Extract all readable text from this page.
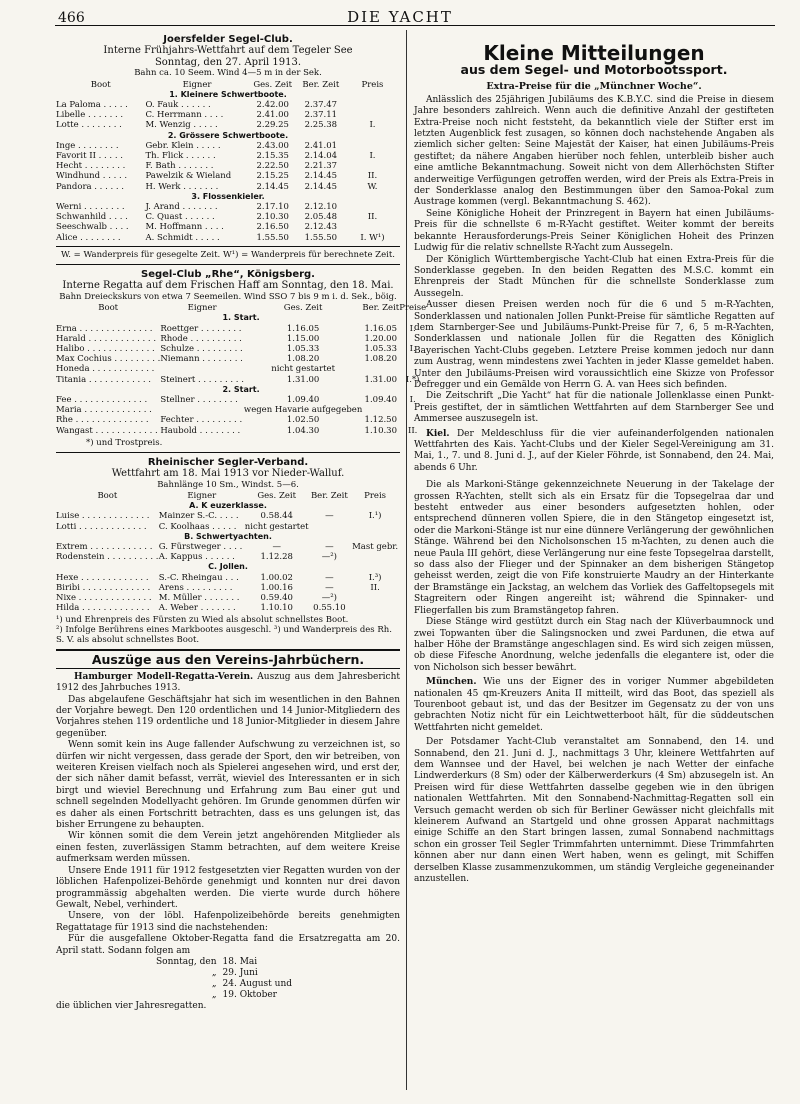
466	DIE YACHT
Joersfelder Segel-Club.
Interne Frühjahrs-Wettfahrt auf dem Tegeler See
Sonntag, den 27. April 1913.
Bahn ca. 10 Seem. Wind 4—5 m in der Sek.
Boot	Eigner	Ges. Zeit	Ber. Zeit	Preis
1. Kleinere Schwertboote.				
La Paloma . . . . .	O. Fauk . . . . . .	2.42.00	2.37.47	
Libelle . . . . . . .	C. Herrmann . . . .	2.41.00	2.37.11	
Lotte . . . . . . . .	M. Wenzig . . . . .	2.29.25	2.25.38	I.
2. Grössere Schwertboote.				
Inge . . . . . . . .	Gebr. Klein . . . . .	2.43.00	2.41.01	
Favorit II . . . . .	Th. Flick . . . . . .	2.15.35	2.14.04	I.
Hecht . . . . . . . .	F. Bath . . . . . . .	2.22.50	2.21.37	
Windhund . . . . .	Pawelzik & Wieland	2.15.25	2.14.45	II.
Pandora . . . . . .	H. Werk . . . . . . .	2.14.45	2.14.45	W.
3. Flossenkieler.				
Werni . . . . . . . .	J. Arand . . . . . . .	2.17.10	2.12.10	
Schwanhild . . . .	C. Quast . . . . . .	2.10.30	2.05.48	II.
Seeschwalb . . . .	M. Hoffmann . . . .	2.16.50	2.12.43	
Alice . . . . . . . .	A. Schmidt . . . . .	1.55.50	1.55.50	I. W¹)
W. = Wanderpreis für gesegelte Zeit. W¹) = Wanderpreis für berechnete Zeit.
Segel-Club „Rhe“, Königsberg.
Interne Regatta auf dem Frischen Haff am Sonntag, den 18. Mai.
Bahn Dreieckskurs von etwa 7 Seemeilen. Wind SSO 7 bis 9 m i. d. Sek., böig.
Boot	Eigner	Ges. Zeit	Ber. Zeit	Preise
1. Start.				
Erna . . . . . . . . . . . . . .	Roettger . . . . . . . .	1.16.05	1.16.05	I.
Harald . . . . . . . . . . . . .	Rhode . . . . . . . . . .	1.15.00	1.20.00	
Halibo . . . . . . . . . . . . .	Schulze . . . . . . . . .	1.05.33	1.05.33	I.
Max Cochius . . . . . . . . .	Niemann . . . . . . . .	1.08.20	1.08.20	
Honeda . . . . . . . . . . . .		nicht gestartet		
Titania . . . . . . . . . . . .	Steinert . . . . . . . . .	1.31.00	1.31.00	I.*)
2. Start.				
Fee . . . . . . . . . . . . . .	Stellner . . . . . . . .	1.09.40	1.09.40	I.
Maria . . . . . . . . . . . . .		wegen Havarie aufgegeben		
Rhe . . . . . . . . . . . . . .	Fechter . . . . . . . . .	1.02.50	1.12.50	
Wangast . . . . . . . . . . . .	Haubold . . . . . . . .	1.04.30	1.10.30	II.
*) und Trostpreis.
Rheinischer Segler-Verband.
Wettfahrt am 18. Mai 1913 vor Nieder-Walluf.
Bahnlänge 10 Sm., Windst. 5—6.
Boot	Eigner	Ges. Zeit	Ber. Zeit	Preis
A. K euzerklasse.				
Luise . . . . . . . . . . . . .	Mainzer S.-C. . . . .	0.58.44	—	I.¹)
Lotti . . . . . . . . . . . . .	C. Koolhaas . . . . .	nicht gestartet		
B. Schwertyachten.				
Extrem . . . . . . . . . . . .	G. Fürstweger . . . .	—	—	Mast gebr.
Rodenstein . . . . . . . . . .	A. Kappus . . . . . .	1.12.28	—²)	
C. Jollen.				
Hexe . . . . . . . . . . . . .	S.-C. Rheingau . . .	1.00.02	—	I.³)
Biribi . . . . . . . . . . . . .	Arens . . . . . . . . .	1.00.16	—	II.
Nixe . . . . . . . . . . . . . .	M. Müller . . . . . . .	0.59.40	—²)	
Hilda . . . . . . . . . . . . .	A. Weber . . . . . . .	1.10.10	0.55.10	
¹) und Ehrenpreis des Fürsten zu Wied als absolut schnellstes Boot.
²) Infolge Berührens eines Markbootes ausgeschl. ³) und Wanderpreis des Rh. S. V. als absolut schnellstes Boot.
Auszüge aus den Vereins-Jahrbüchern.

Hamburger Modell-Regatta-Verein. Auszug aus dem Jahresbericht 1912 des Jahrbuches 1913.

Das abgelaufene Geschäftsjahr hat sich im wesentlichen in den Bahnen der Vorjahre bewegt. Den 120 ordentlichen und 14 Junior-Mitgliedern des Vorjahres stehen 119 ordentliche und 18 Junior-Mitglieder in diesem Jahre gegenüber.

Wenn somit kein ins Auge fallender Aufschwung zu verzeichnen ist, so dürfen wir nicht vergessen, dass gerade der Sport, den wir betreiben, von weiteren Kreisen vielfach noch als Spielerei angesehen wird, und erst der, der sich näher damit befasst, verrät, wieviel des Interessanten er in sich birgt und wieviel Berechnung und Erfahrung zum Bau einer gut und schnell segelnden Modellyacht gehören. Im Grunde genommen dürfen wir es daher als einen Fortschritt betrachten, dass es uns gelungen ist, das bisher Errungene zu behaupten.

Wir können somit die dem Verein jetzt angehörenden Mitglieder als einen festen, zuverlässigen Stamm betrachten, auf dem weitere Kreise aufmerksam werden müssen.

Unsere Ende 1911 für 1912 festgesetzten vier Regatten wurden von der löblichen Hafenpolizei-Behörde genehmigt und konnten nur drei davon programmässig abgehalten werden. Die vierte wurde durch höhere Gewalt, Nebel, verhindert.

Unsere, von der löbl. Hafenpolizeibehörde bereits genehmigten Regattatage für 1913 sind die nachstehenden:

Für die ausgefallene Oktober-Regatta fand die Ersatzregatta am 20. April statt. Sodann folgen am

Sonntag, den	18. Mai
„	29. Juni
„	24. August und
„	19. Oktober

die üblichen vier Jahresregatten.

Kleine Mitteilungen
aus dem Segel- und Motorbootssport.
Extra-Preise für die „Münchner Woche“.

Anlässlich des 25jährigen Jubiläums des K.B.Y.C. sind die Preise in diesem Jahre besonders zahlreich. Wenn auch die definitive Anzahl der gestifteten Extra-Preise noch nicht feststeht, da bekanntlich viele der Stifter erst im letzten Augenblick fest zusagen, so können doch nachstehende Angaben als ziemlich sicher gelten: Seine Majestät der Kaiser, hat einen Jubiläums-Preis gestiftet; da nähere Angaben hierüber noch fehlen, unterbleib bisher auch eine amtliche Bekanntmachung. Soweit nicht von dem Allerhöchsten Stifter anderweitige Verfügungen getroffen werden, wird der Preis als Extra-Preis in der Sonderklasse analog den Bestimmungen über den Samoa-Pokal zum Austrage kommen (vergl. Bekanntmachung S. 462).

Seine Königliche Hoheit der Prinzregent in Bayern hat einen Jubiläums-Preis für die schnellste 6 m-R-Yacht gestiftet. Weiter kommt der bereits bekannte Herausforderungs-Preis Seiner Königlichen Hoheit des Prinzen Ludwig für die relativ schnellste R-Yacht zum Aussegeln.

Der Königlich Württembergische Yacht-Club hat einen Extra-Preis für die Sonderklasse gegeben. In den beiden Regatten des M.S.C. kommt ein Ehrenpreis der Stadt München für die schnellste Sonderklasse zum Aussegeln.

Ausser diesen Preisen werden noch für die 6 und 5 m-R-Yachten, Sonderklassen und nationalen Jollen Punkt-Preise für sämtliche Regatten auf dem Starnberger-See und Jubiläums-Punkt-Preise für 7, 6, 5 m-R-Yachten, Sonderklassen und nationale Jollen für die Regatten des Königlich Bayerischen Yacht-Clubs gegeben. Letztere Preise kommen jedoch nur dann zum Austrag, wenn mindestens zwei Yachten in jeder Klasse gemeldet haben. Unter den Jubiläums-Preisen wird voraussichtlich eine Skizze von Professor Defregger und ein Gemälde von Herrn G. A. van Hees sich befinden.

Die Zeitschrift „Die Yacht“ hat für die nationale Jollenklasse einen Punkt-Preis gestiftet, der in sämtlichen Wettfahrten auf dem Starnberger See und Ammersee auszusegeln ist.

Kiel. Der Meldeschluss für die vier aufeinanderfolgenden nationalen Wettfahrten des Kais. Yacht-Clubs und der Kieler Segel-Vereinigung am 31. Mai, 1., 7. und 8. Juni d. J., auf der Kieler Föhrde, ist Sonnabend, den 24. Mai, abends 6 Uhr.

Die als Markoni-Stänge gekennzeichnete Neuerung in der Takelage der grossen R-Yachten, stellt sich als ein Ersatz für die Topsegelraa dar und besteht entweder aus einer besonders aufgesetzten hohlen, oder entsprechend dünneren vollen Spiere, die in den Stängetop eingesetzt ist, oder die Markoni-Stänge ist nur eine dünnere Verlängerung der gewöhnlichen Stänge. Während bei den Nicholsonschen 15 m-Yachten, zu denen auch die neue Paula III gehört, diese Verlängerung nur eine feste Topsegelraa darstellt, so dass also der Flieger und der Spinnaker an dem bisherigen Stängetop geheisst werden, zeigt die von Fife konstruierte Maudry an der Hinterkante der Bramstänge ein Jackstag, an welchem das Vorliek des Gaffeltopsegels mit Stagreitern oder Ringen angereiht ist; während die Spinnaker- und Fliegerfallen bis zum Bramstängetop fahren.

Diese Stänge wird gestützt durch ein Stag nach der Klüverbaumnock und zwei Topwanten über die Salingsnocken und zwei Pardunen, die etwa auf halber Höhe der Bramstänge angeschlagen sind. Es wird sich zeigen müssen, ob diese Fifesche Anordnung, welche jedenfalls die elegantere ist, oder die von Nicholson sich besser bewährt.

München. Wie uns der Eigner des in voriger Nummer abgebildeten nationalen 45 qm-Kreuzers Anita II mitteilt, wird das Boot, das speziell als Tourenboot gebaut ist, und das der Besitzer im Gegensatz zu der von uns gebrachten Notiz nicht für ein Leichtwetterboot hält, für die süddeutschen Wettfahrten nicht gemeldet.

Der Potsdamer Yacht-Club veranstaltet am Sonnabend, den 14. und Sonnabend, den 21. Juni d. J., nachmittags 3 Uhr, kleinere Wettfahrten auf dem Wannsee und der Havel, bei welchen je nach Wetter der einfache Lindwerderkurs (8 Sm) oder der Kälberwerderkurs (4 Sm) abzusegeln ist. An Preisen wird für diese Wettfahrten dasselbe gegeben wie in den übrigen nationalen Wettfahrten. Mit den Sonnabend-Nachmittag-Regatten soll ein Versuch gemacht werden ob sich für Berliner Gewässer nicht gleichfalls mit kleinerem Aufwand an Startgeld und ohne grossen Apparat nachmittags einige Schiffe an den Start bringen lassen, zumal Sonnabend nachmittags schon ein grosser Teil Segler Trimmfahrten unternimmt. Diese Trimmfahrten können aber nur dann einen Wert haben, wenn es gelingt, mit Schiffen derselben Klasse zusammenzukommen, um ständig Vergleiche gegeneinander anzustellen.
